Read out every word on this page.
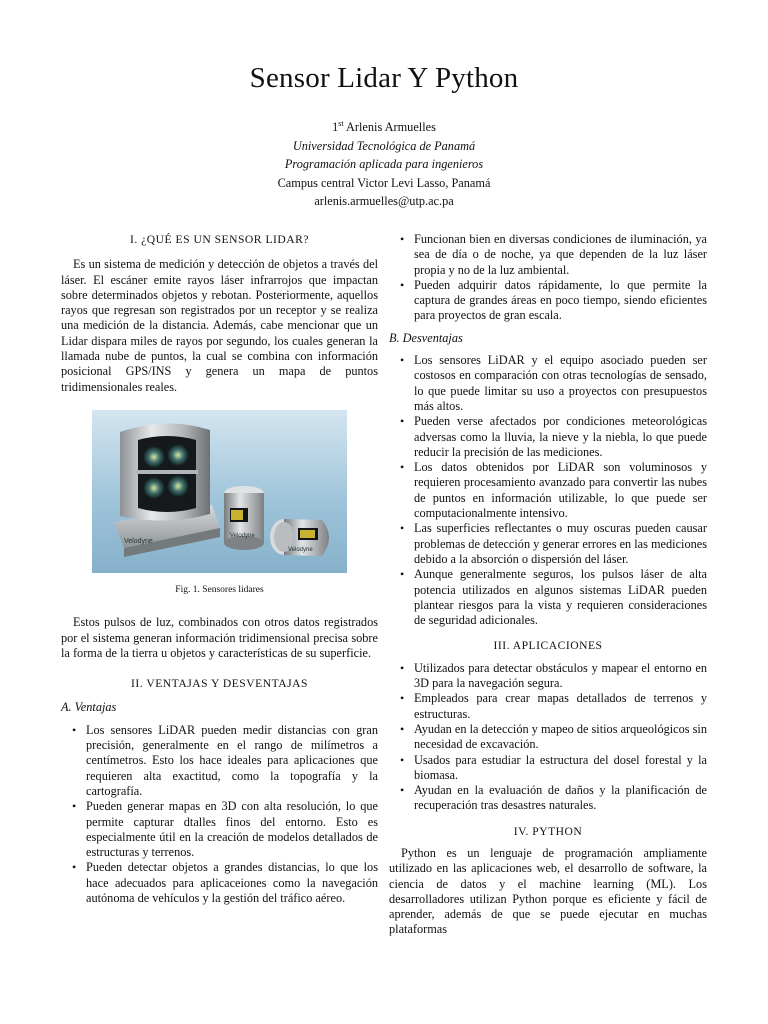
Sensor Lidar Y Python
1st Arlenis Armuelles
Universidad Tecnológica de Panamá
Programación aplicada para ingenieros
Campus central Victor Levi Lasso, Panamá
arlenis.armuelles@utp.ac.pa
I. ¿QUÉ ES UN SENSOR LIDAR?

Es un sistema de medición y detección de objetos a través del láser. El escáner emite rayos láser infrarrojos que impactan sobre determinados objetos y rebotan. Posteriormente, aquellos rayos que regresan son registrados por un receptor y se realiza una medición de la distancia. Además, cabe mencionar que un Lidar dispara miles de rayos por segundo, los cuales generan la llamada nube de puntos, la cual se combina con información posicional GPS/INS y genera un mapa de puntos tridimensionales reales.

Velodyne
Velodyne
Velodyne
Fig. 1. Sensores lidares

Estos pulsos de luz, combinados con otros datos registrados por el sistema generan información tridimensional precisa sobre la forma de la tierra u objetos y características de su superficie.

II. VENTAJAS Y DESVENTAJAS
A. Ventajas
• Los sensores LiDAR pueden medir distancias con gran precisión, generalmente en el rango de milímetros a centímetros. Esto los hace ideales para aplicaciones que requieren alta exactitud, como la topografía y la cartografía.
• Pueden generar mapas en 3D con alta resolución, lo que permite capturar dtalles finos del entorno. Esto es especialmente útil en la creación de modelos detallados de estructuras y terrenos.
• Pueden detectar objetos a grandes distancias, lo que los hace adecuados para aplicaceiones como la navegación autónoma de vehículos y la gestión del tráfico aéreo.
• Funcionan bien en diversas condiciones de iluminación, ya sea de día o de noche, ya que dependen de la luz láser propia y no de la luz ambiental.
• Pueden adquirir datos rápidamente, lo que permite la captura de grandes áreas en poco tiempo, siendo eficientes para proyectos de gran escala.
B. Desventajas
• Los sensores LiDAR y el equipo asociado pueden ser costosos en comparación con otras tecnologías de sensado, lo que puede limitar su uso a proyectos con presupuestos más altos.
• Pueden verse afectados por condiciones meteorológicas adversas como la lluvia, la nieve y la niebla, lo que puede reducir la precisión de las mediciones.
• Los datos obtenidos por LiDAR son voluminosos y requieren procesamiento avanzado para convertir las nubes de puntos en información utilizable, lo que puede ser computacionalmente intensivo.
• Las superficies reflectantes o muy oscuras pueden causar problemas de detección y generar errores en las mediciones debido a la absorción o dispersión del láser.
• Aunque generalmente seguros, los pulsos láser de alta potencia utilizados en algunos sistemas LiDAR pueden plantear riesgos para la vista y requieren consideraciones de seguridad adicionales.
III. APLICACIONES
• Utilizados para detectar obstáculos y mapear el entorno en 3D para la navegación segura.
• Empleados para crear mapas detallados de terrenos y estructuras.
• Ayudan en la detección y mapeo de sitios arqueológicos sin necesidad de excavación.
• Usados para estudiar la estructura del dosel forestal y la biomasa.
• Ayudan en la evaluación de daños y la planificación de recuperación tras desastres naturales.
IV. PYTHON

Python es un lenguaje de programación ampliamente utilizado en las aplicaciones web, el desarrollo de software, la ciencia de datos y el machine learning (ML). Los desarrolladores utilizan Python porque es eficiente y fácil de aprender, además de que se puede ejecutar en muchas plataformas
